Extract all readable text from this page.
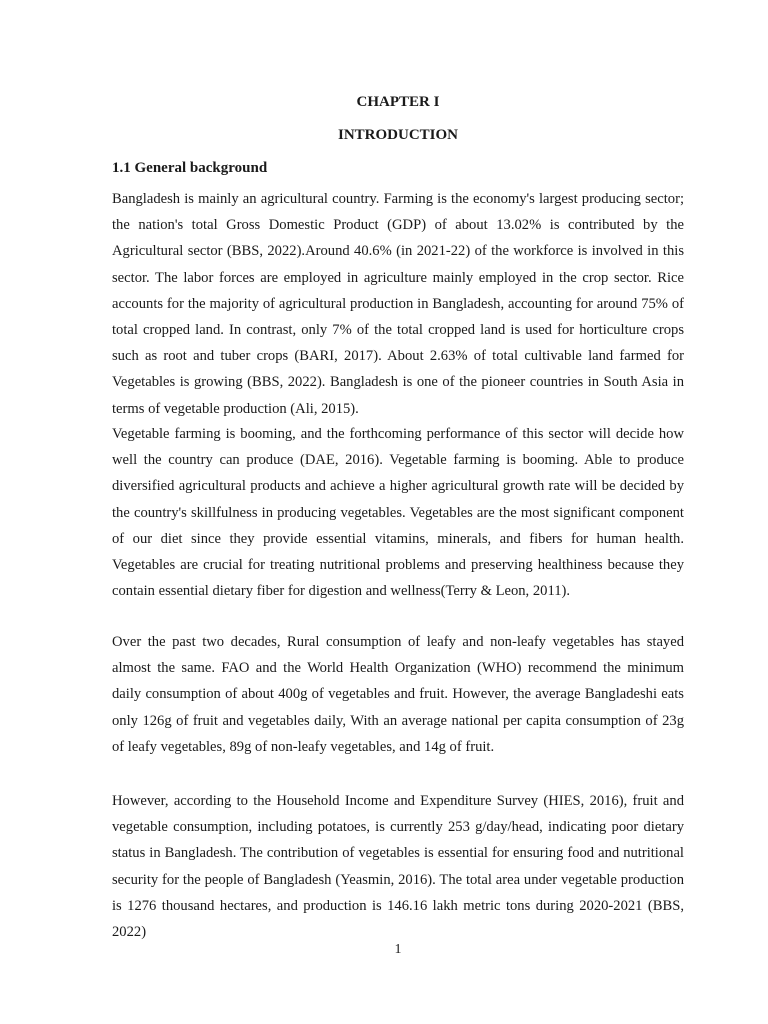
CHAPTER I
INTRODUCTION
1.1 General background

Bangladesh is mainly an agricultural country. Farming is the economy's largest producing sector; the nation's total Gross Domestic Product (GDP) of about 13.02% is contributed by the Agricultural sector (BBS, 2022).Around 40.6% (in 2021-22) of the workforce is involved in this sector. The labor forces are employed in agriculture mainly employed in the crop sector. Rice accounts for the majority of agricultural production in Bangladesh, accounting for around 75% of total cropped land. In contrast, only 7% of the total cropped land is used for horticulture crops such as root and tuber crops (BARI, 2017). About 2.63% of total cultivable land farmed for Vegetables is growing (BBS, 2022). Bangladesh is one of the pioneer countries in South Asia in terms of vegetable production (Ali, 2015).

Vegetable farming is booming, and the forthcoming performance of this sector will decide how well the country can produce (DAE, 2016). Vegetable farming is booming. Able to produce diversified agricultural products and achieve a higher agricultural growth rate will be decided by the country's skillfulness in producing vegetables. Vegetables are the most significant component of our diet since they provide essential vitamins, minerals, and fibers for human health. Vegetables are crucial for treating nutritional problems and preserving healthiness because they contain essential dietary fiber for digestion and wellness(Terry & Leon, 2011).

Over the past two decades, Rural consumption of leafy and non-leafy vegetables has stayed almost the same. FAO and the World Health Organization (WHO) recommend the minimum daily consumption of about 400g of vegetables and fruit. However, the average Bangladeshi eats only 126g of fruit and vegetables daily, With an average national per capita consumption of 23g of leafy vegetables, 89g of non-leafy vegetables, and 14g of fruit.

However, according to the Household Income and Expenditure Survey (HIES, 2016), fruit and vegetable consumption, including potatoes, is currently 253 g/day/head, indicating poor dietary status in Bangladesh. The contribution of vegetables is essential for ensuring food and nutritional security for the people of Bangladesh (Yeasmin, 2016). The total area under vegetable production is 1276 thousand hectares, and production is 146.16 lakh metric tons during 2020-2021 (BBS, 2022)

1
